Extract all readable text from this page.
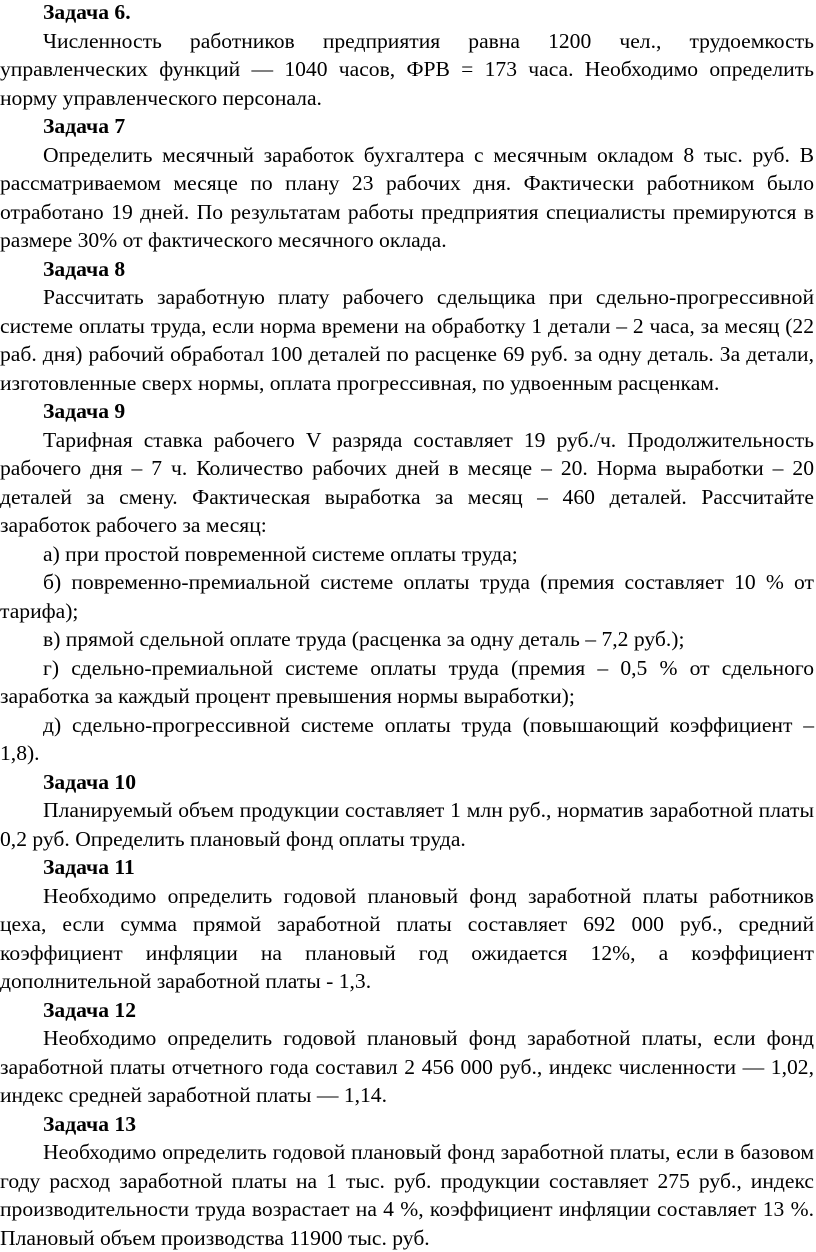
Задача 6.

Численность работников предприятия равна 1200 чел., трудоемкость управленческих функций — 1040 часов, ФРВ = 173 часа. Необходимо определить норму управленческого персонала.

Задача 7

Определить месячный заработок бухгалтера с месячным окладом 8 тыс. руб. В рассматриваемом месяце по плану 23 рабочих дня. Фактически работником было отработано 19 дней. По результатам работы предприятия специалисты премируются в размере 30% от фактического месячного оклада.

Задача 8

Рассчитать заработную плату рабочего сдельщика при сдельно-прогрессивной системе оплаты труда, если норма времени на обработку 1 детали – 2 часа, за месяц (22 раб. дня) рабочий обработал 100 деталей по расценке 69 руб. за одну деталь. За детали, изготовленные сверх нормы, оплата прогрессивная, по удвоенным расценкам.

Задача 9

Тарифная ставка рабочего V разряда составляет 19 руб./ч. Продолжительность рабочего дня – 7 ч. Количество рабочих дней в месяце – 20. Норма выработки – 20 деталей за смену. Фактическая выработка за месяц – 460 деталей. Рассчитайте заработок рабочего за месяц:

а) при простой повременной системе оплаты труда;

б) повременно-премиальной системе оплаты труда (премия составляет 10 % от тарифа);

в) прямой сдельной оплате труда (расценка за одну деталь – 7,2 руб.);

г) сдельно-премиальной системе оплаты труда (премия – 0,5 % от сдельного заработка за каждый процент превышения нормы выработки);

д) сдельно-прогрессивной системе оплаты труда (повышающий коэффициент – 1,8).

Задача 10

Планируемый объем продукции составляет 1 млн руб., норматив заработной платы 0,2 руб. Определить плановый фонд оплаты труда.

Задача 11

Необходимо определить годовой плановый фонд заработной платы работников цеха, если сумма прямой заработной платы составляет 692 000 руб., средний коэффициент инфляции на плановый год ожидается 12%, а коэффициент дополнительной заработной платы - 1,3.

Задача 12

Необходимо определить годовой плановый фонд заработной платы, если фонд заработной платы отчетного года составил 2 456 000 руб., индекс численности — 1,02, индекс средней заработной платы — 1,14.

Задача 13

Необходимо определить годовой плановый фонд заработной платы, если в базовом году расход заработной платы на 1 тыс. руб. продукции составляет 275 руб., индекс производительности труда возрастает на 4 %, коэффициент инфляции составляет 13 %. Плановый объем производства 11900 тыс. руб.
